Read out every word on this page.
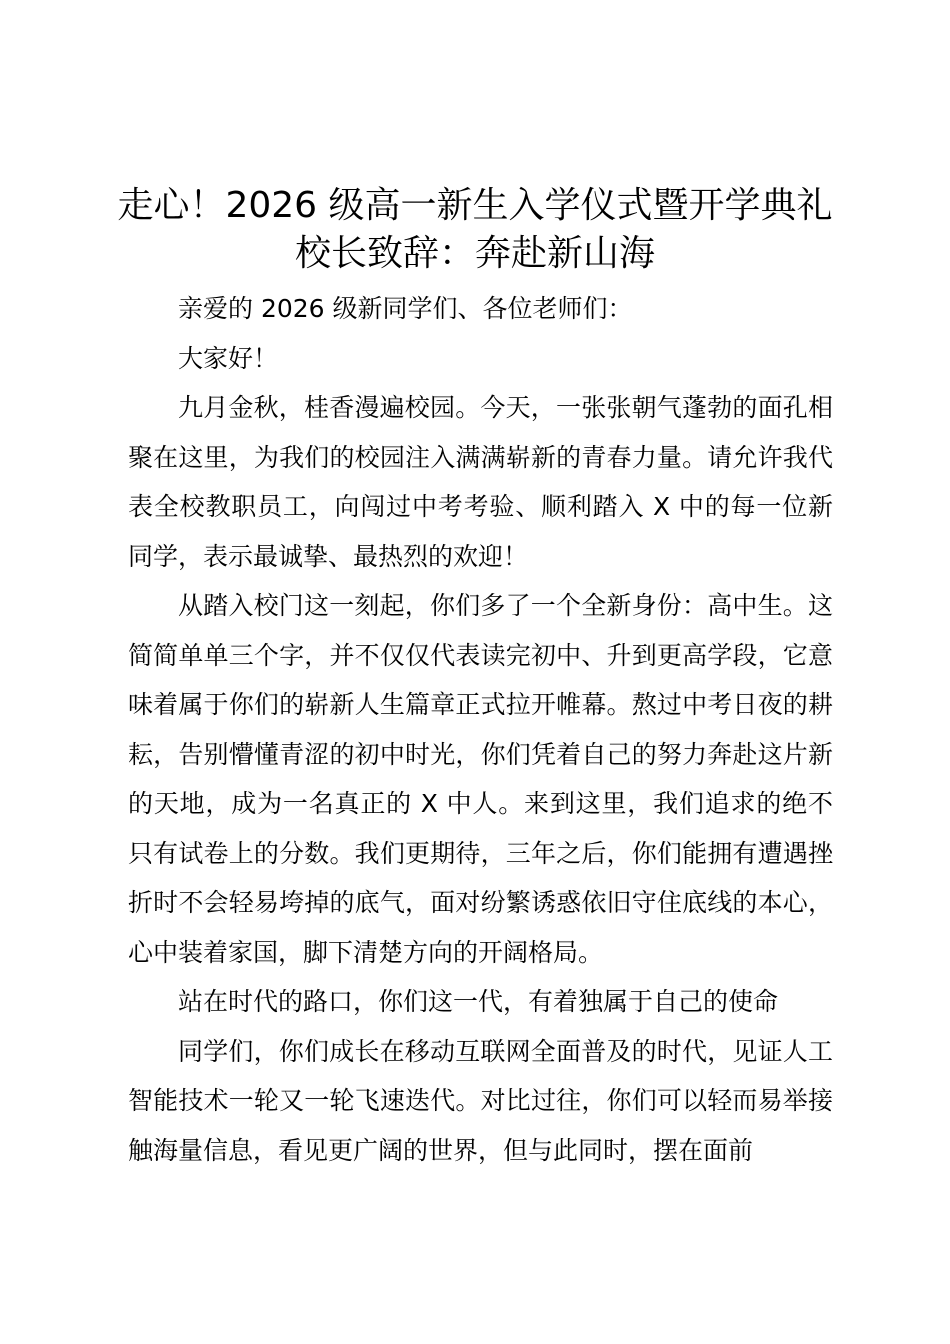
走心！2026 级高一新生入学仪式暨开学典礼
校长致辞：奔赴新山海

亲爱的 2026 级新同学们、各位老师们：

大家好！

九月金秋，桂香漫遍校园。今天，一张张朝气蓬勃的面孔相聚在这里，为我们的校园注入满满崭新的青春力量。请允许我代表全校教职员工，向闯过中考考验、顺利踏入 X 中的每一位新同学，表示最诚挚、最热烈的欢迎！

从踏入校门这一刻起，你们多了一个全新身份：高中生。这简简单单三个字，并不仅仅代表读完初中、升到更高学段，它意味着属于你们的崭新人生篇章正式拉开帷幕。熬过中考日夜的耕耘，告别懵懂青涩的初中时光，你们凭着自己的努力奔赴这片新的天地，成为一名真正的 X 中人。来到这里，我们追求的绝不只有试卷上的分数。我们更期待，三年之后，你们能拥有遭遇挫折时不会轻易垮掉的底气，面对纷繁诱惑依旧守住底线的本心，心中装着家国，脚下清楚方向的开阔格局。

站在时代的路口，你们这一代，有着独属于自己的使命

同学们，你们成长在移动互联网全面普及的时代，见证人工智能技术一轮又一轮飞速迭代。对比过往，你们可以轻而易举接触海量信息，看见更广阔的世界，但与此同时，摆在面前
